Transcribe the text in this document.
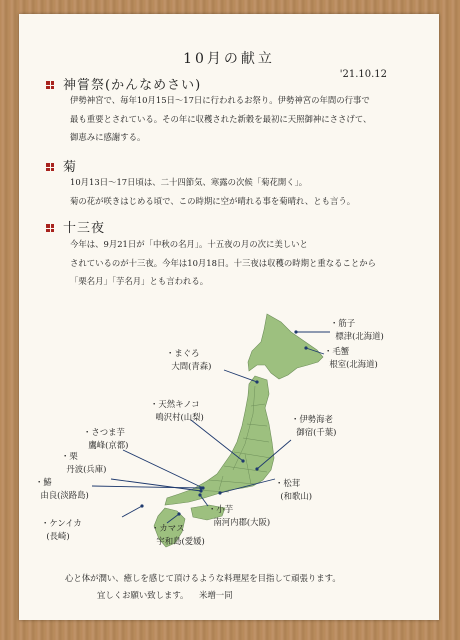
10月の献立
'21.10.12
神嘗祭(かんなめさい)
伊勢神宮で、毎年10月15日〜17日に行われるお祭り。伊勢神宮の年間の行事で
最も重要とされている。その年に収穫された新穀を最初に天照御神にささげて、
御恵みに感謝する。
菊
10月13日〜17日頃は、二十四節気、寒露の次候「菊花開く」。
菊の花が咲きはじめる頃で、この時期に空が晴れる事を菊晴れ、とも言う。
十三夜
今年は、9月21日が「中秋の名月」。十五夜の月の次に美しいと
されているのが十三夜。今年は10月18日。十三夜は収穫の時期と重なることから
「栗名月」「芋名月」とも言われる。
・筋子
標津(北海道)
・毛蟹
根室(北海道)
・まぐろ
大間(青森)
・天然キノコ
鳴沢村(山梨)	・伊勢海老
御宿(千葉)
・さつま芋
鷹峰(京都)
・栗
丹波(兵庫)
・松茸
(和歌山)
・鰆
由良(淡路島)
・小芋
南河内郡(大阪)
・ケンイカ
(長崎)
・カマス
宇和島(愛媛)
心と体が潤い、癒しを感じて頂けるような料理屋を目指して頑張ります。
宜しくお願い致します。    米増一同
